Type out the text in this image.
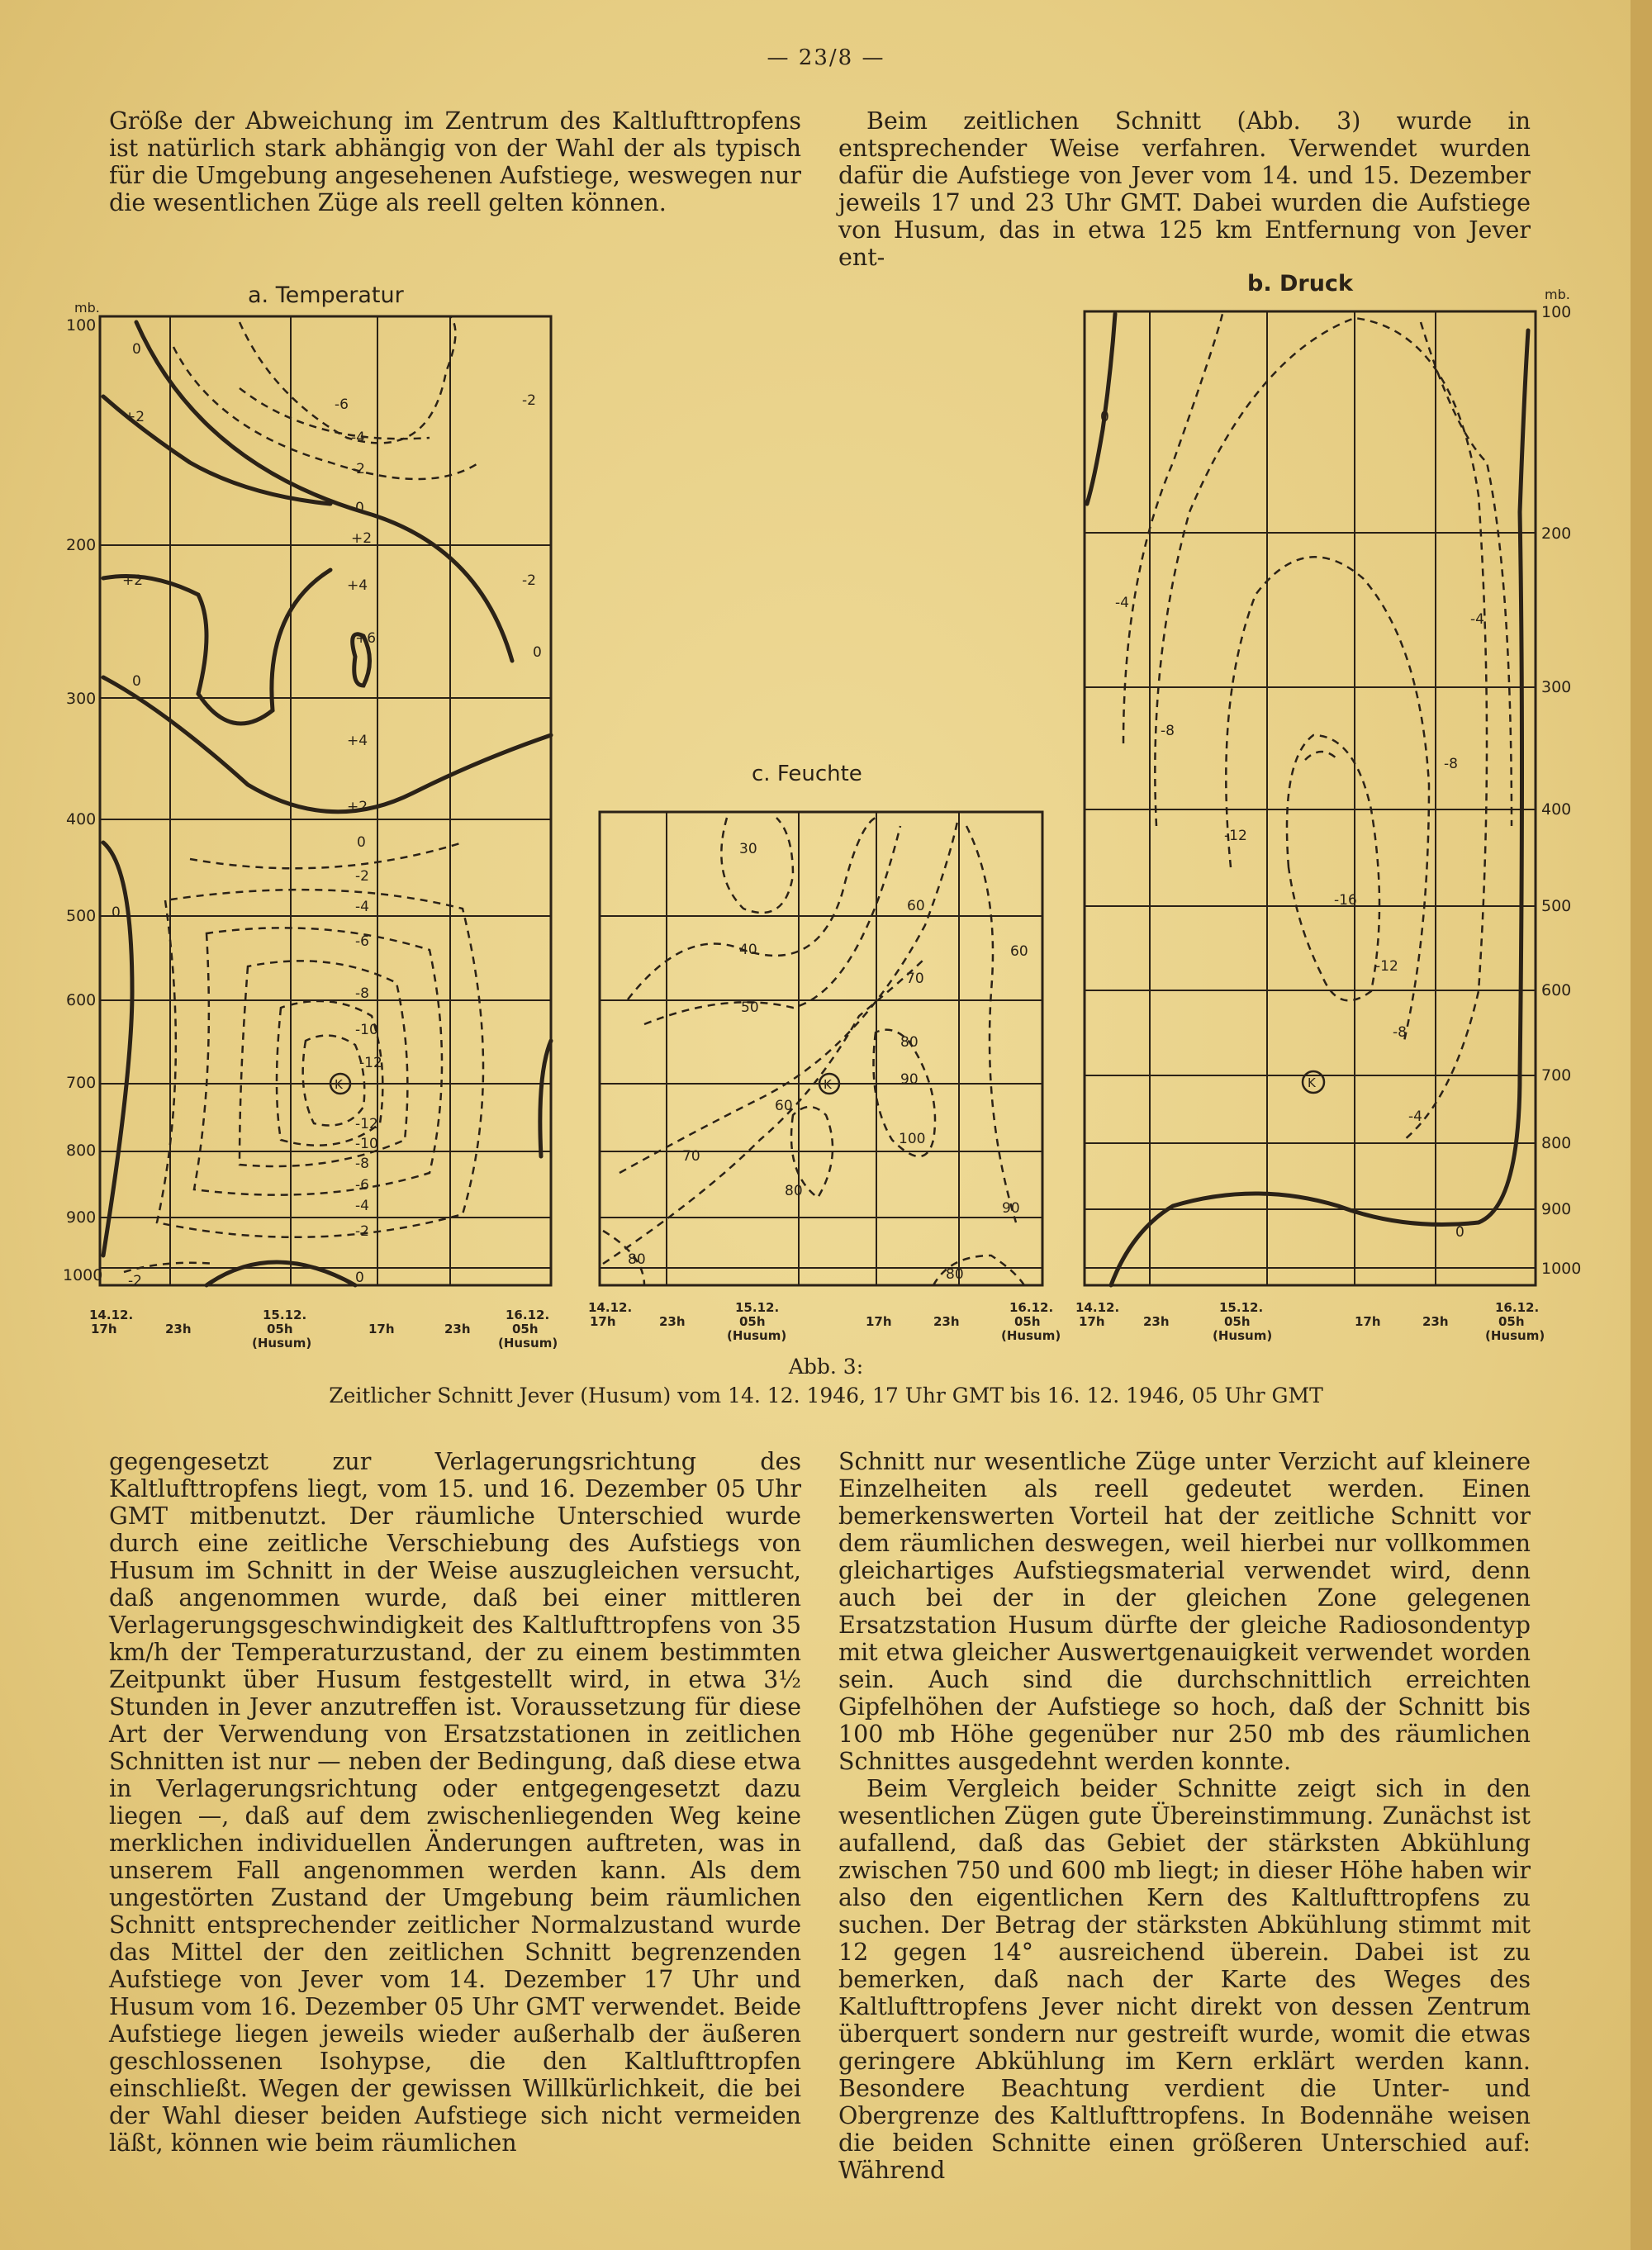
— 23/8 —

Größe der Abweichung im Zentrum des Kaltlufttropfens ist natürlich stark abhängig von der Wahl der als typisch für die Umgebung angesehenen Aufstiege, weswegen nur die wesentlichen Züge als reell gelten können.

Beim zeitlichen Schnitt (Abb. 3) wurde in entsprechender Weise verfahren. Verwendet wurden dafür die Aufstiege von Jever vom 14. und 15. Dezember jeweils 17 und 23 Uhr GMT. Dabei wurden die Aufstiege von Husum, das in etwa 125 km Entfernung von Jever ent-

a. Temperatur
mb.
100
200
300
400
500
600
700
800
900
1000
0
+2
-6
-4
-2
-2
0
+2
+4
+6
-2
0
+2
+4
0
+2
0
-2
-4
-6
-8
-10
-12
K
-12
-10
-8
-6
-4
-2
0
-2
0
c. Feuchte
30
40
50
60
60
70
80
90
100
60
70
80
90
80
80
K
b. Druck	mb.
100
200
300
400
500
600
700
800
900
1000
0
-4
-4
-8
-8
-12
-16
-12
-8
-4
0
K
14.12.
17h	23h
15.12.
05h
(Husum)
17h	23h
16.12.
05h
(Husum)
14.12.
17h	23h
15.12.
05h
(Husum)
17h	23h
16.12.
05h
(Husum)
14.12.
17h	23h
15.12.
05h
(Husum)
17h	23h
16.12.
05h
(Husum)
Abb. 3:
Zeitlicher Schnitt Jever (Husum) vom 14. 12. 1946, 17 Uhr GMT bis 16. 12. 1946, 05 Uhr GMT

gegengesetzt zur Verlagerungsrichtung des Kaltlufttropfens liegt, vom 15. und 16. Dezember 05 Uhr GMT mitbenutzt. Der räumliche Unterschied wurde durch eine zeitliche Verschiebung des Aufstiegs von Husum im Schnitt in der Weise auszugleichen versucht, daß angenommen wurde, daß bei einer mittleren Verlagerungsgeschwindigkeit des Kaltlufttropfens von 35 km/h der Temperaturzustand, der zu einem bestimmten Zeitpunkt über Husum festgestellt wird, in etwa 3½ Stunden in Jever anzutreffen ist. Voraussetzung für diese Art der Verwendung von Ersatzstationen in zeitlichen Schnitten ist nur — neben der Bedingung, daß diese etwa in Verlagerungsrichtung oder entgegengesetzt dazu liegen —, daß auf dem zwischenliegenden Weg keine merklichen individuellen Änderungen auftreten, was in unserem Fall angenommen werden kann. Als dem ungestörten Zustand der Umgebung beim räumlichen Schnitt entsprechender zeitlicher Normalzustand wurde das Mittel der den zeitlichen Schnitt begrenzenden Aufstiege von Jever vom 14. Dezember 17 Uhr und Husum vom 16. Dezember 05 Uhr GMT verwendet. Beide Aufstiege liegen jeweils wieder außerhalb der äußeren geschlossenen Isohypse, die den Kaltlufttropfen einschließt. Wegen der gewissen Willkürlichkeit, die bei der Wahl dieser beiden Aufstiege sich nicht vermeiden läßt, können wie beim räumlichen

Schnitt nur wesentliche Züge unter Verzicht auf kleinere Einzelheiten als reell gedeutet werden. Einen bemerkenswerten Vorteil hat der zeitliche Schnitt vor dem räumlichen deswegen, weil hierbei nur vollkommen gleichartiges Aufstiegsmaterial verwendet wird, denn auch bei der in der gleichen Zone gelegenen Ersatzstation Husum dürfte der gleiche Radiosondentyp mit etwa gleicher Auswertgenauigkeit verwendet worden sein. Auch sind die durchschnittlich erreichten Gipfelhöhen der Aufstiege so hoch, daß der Schnitt bis 100 mb Höhe gegenüber nur 250 mb des räumlichen Schnittes ausgedehnt werden konnte.

Beim Vergleich beider Schnitte zeigt sich in den wesentlichen Zügen gute Übereinstimmung. Zunächst ist aufallend, daß das Gebiet der stärksten Abkühlung zwischen 750 und 600 mb liegt; in dieser Höhe haben wir also den eigentlichen Kern des Kaltlufttropfens zu suchen. Der Betrag der stärksten Abkühlung stimmt mit 12 gegen 14° ausreichend überein. Dabei ist zu bemerken, daß nach der Karte des Weges des Kaltlufttropfens Jever nicht direkt von dessen Zentrum überquert sondern nur gestreift wurde, womit die etwas geringere Abkühlung im Kern erklärt werden kann. Besondere Beachtung verdient die Unter- und Obergrenze des Kaltlufttropfens. In Bodennähe weisen die beiden Schnitte einen größeren Unterschied auf: Während
